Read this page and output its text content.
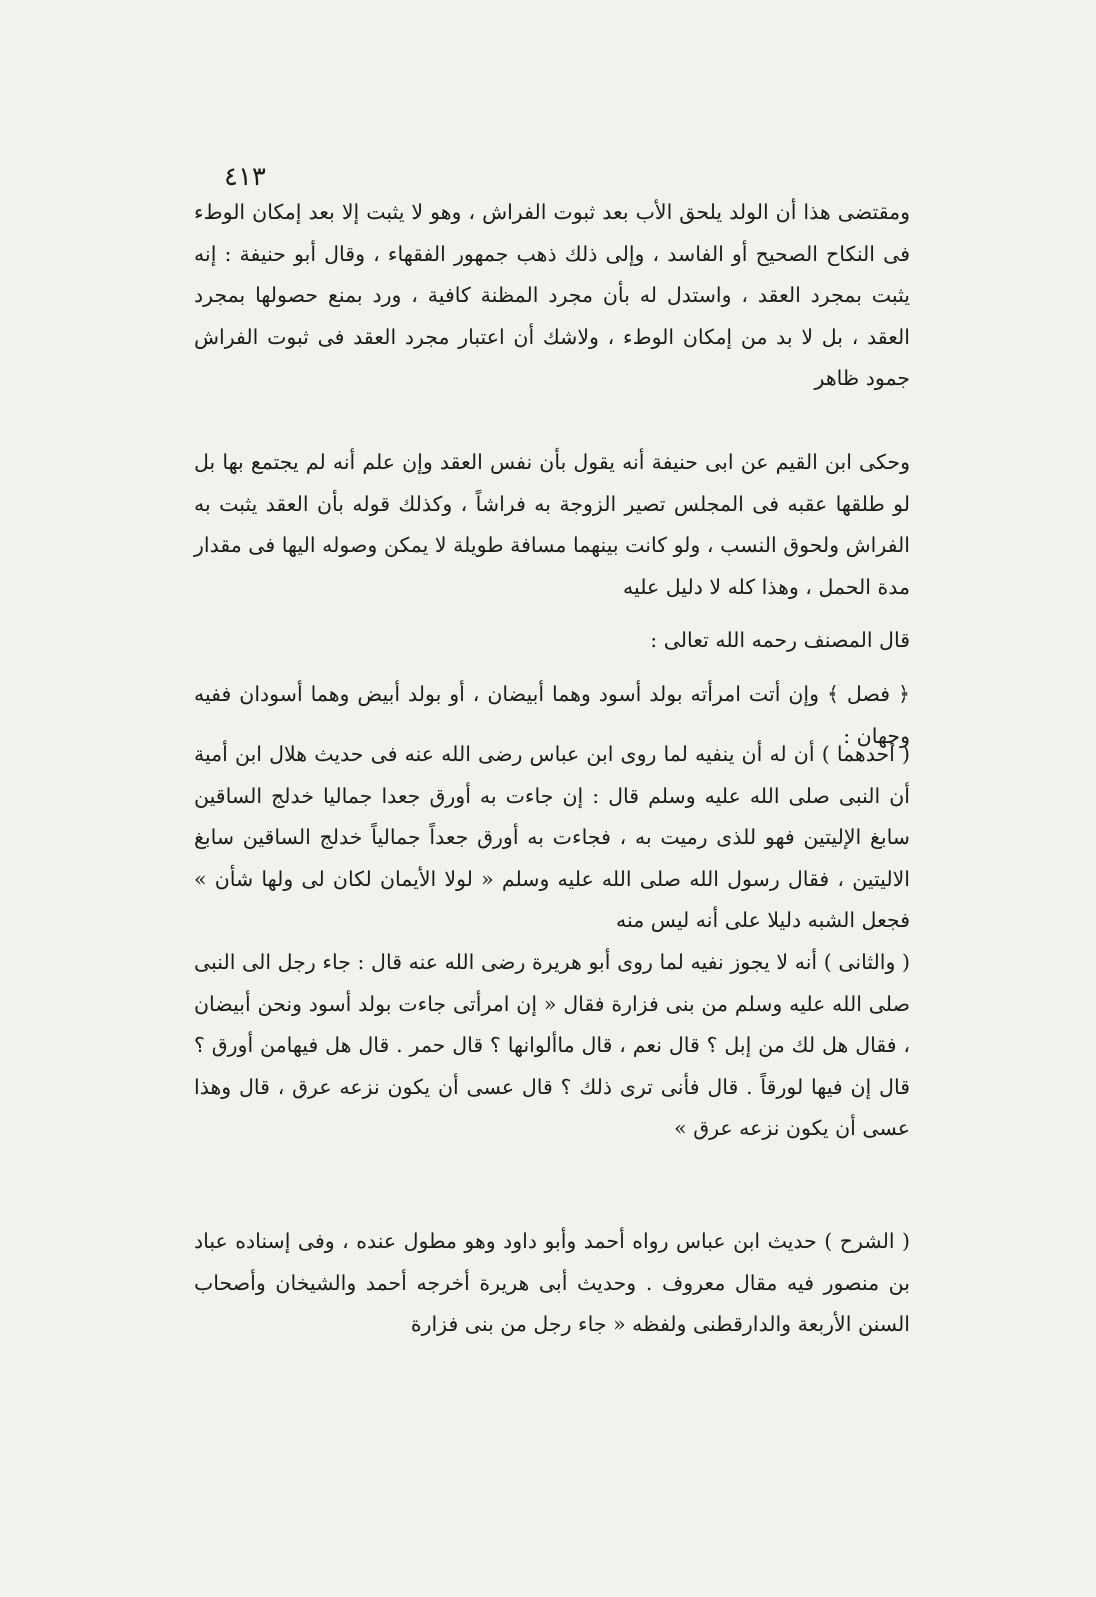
٤١٣

ومقتضى هذا أن الولد يلحق الأب بعد ثبوت الفراش ، وهو لا يثبت إلا بعد إمكان الوطء فى النكاح الصحيح أو الفاسد ، وإلى ذلك ذهب جمهور الفقهاء ، وقال أبو حنيفة : إنه يثبت بمجرد العقد ، واستدل له بأن مجرد المظنة كافية ، ورد بمنع حصولها بمجرد العقد ، بل لا بد من إمكان الوطء ، ولاشك أن اعتبار مجرد العقد فى ثبوت الفراش جمود ظاهر

وحكى ابن القيم عن ابى حنيفة أنه يقول بأن نفس العقد وإن علم أنه لم يجتمع بها بل لو طلقها عقبه فى المجلس تصير الزوجة به فراشاً ، وكذلك قوله بأن العقد يثبت به الفراش ولحوق النسب ، ولو كانت بينهما مسافة طويلة لا يمكن وصوله اليها فى مقدار مدة الحمل ، وهذا كله لا دليل عليه

قال المصنف رحمه الله تعالى :

﴿ فصل ﴾ وإن أتت امرأته بولد أسود وهما أبيضان ، أو بولد أبيض وهما أسودان ففيه وجهان :

( أحدهما ) أن له أن ينفيه لما روى ابن عباس رضى الله عنه فى حديث هلال ابن أمية أن النبى صلى الله عليه وسلم قال : إن جاءت به أورق جعدا جماليا خدلج الساقين سابغ الإليتين فهو للذى رميت به ، فجاءت به أورق جعداً جمالياً خدلج الساقين سابغ الاليتين ، فقال رسول الله صلى الله عليه وسلم « لولا الأيمان لكان لى ولها شأن » فجعل الشبه دليلا على أنه ليس منه

( والثانى ) أنه لا يجوز نفيه لما روى أبو هريرة رضى الله عنه قال : جاء رجل الى النبى صلى الله عليه وسلم من بنى فزارة فقال « إن امرأتى جاءت بولد أسود ونحن أبيضان ، فقال هل لك من إبل ؟ قال نعم ، قال ماألوانها ؟ قال حمر . قال هل فيهامن أورق ؟ قال إن فيها لورقاً . قال فأنى ترى ذلك ؟ قال عسى أن يكون نزعه عرق ، قال وهذا عسى أن يكون نزعه عرق »

( الشرح ) حديث ابن عباس رواه أحمد وأبو داود وهو مطول عنده ، وفى إسناده عباد بن منصور فيه مقال معروف . وحديث أبى هريرة أخرجه أحمد والشيخان وأصحاب السنن الأربعة والدارقطنى ولفظه « جاء رجل من بنى فزارة
